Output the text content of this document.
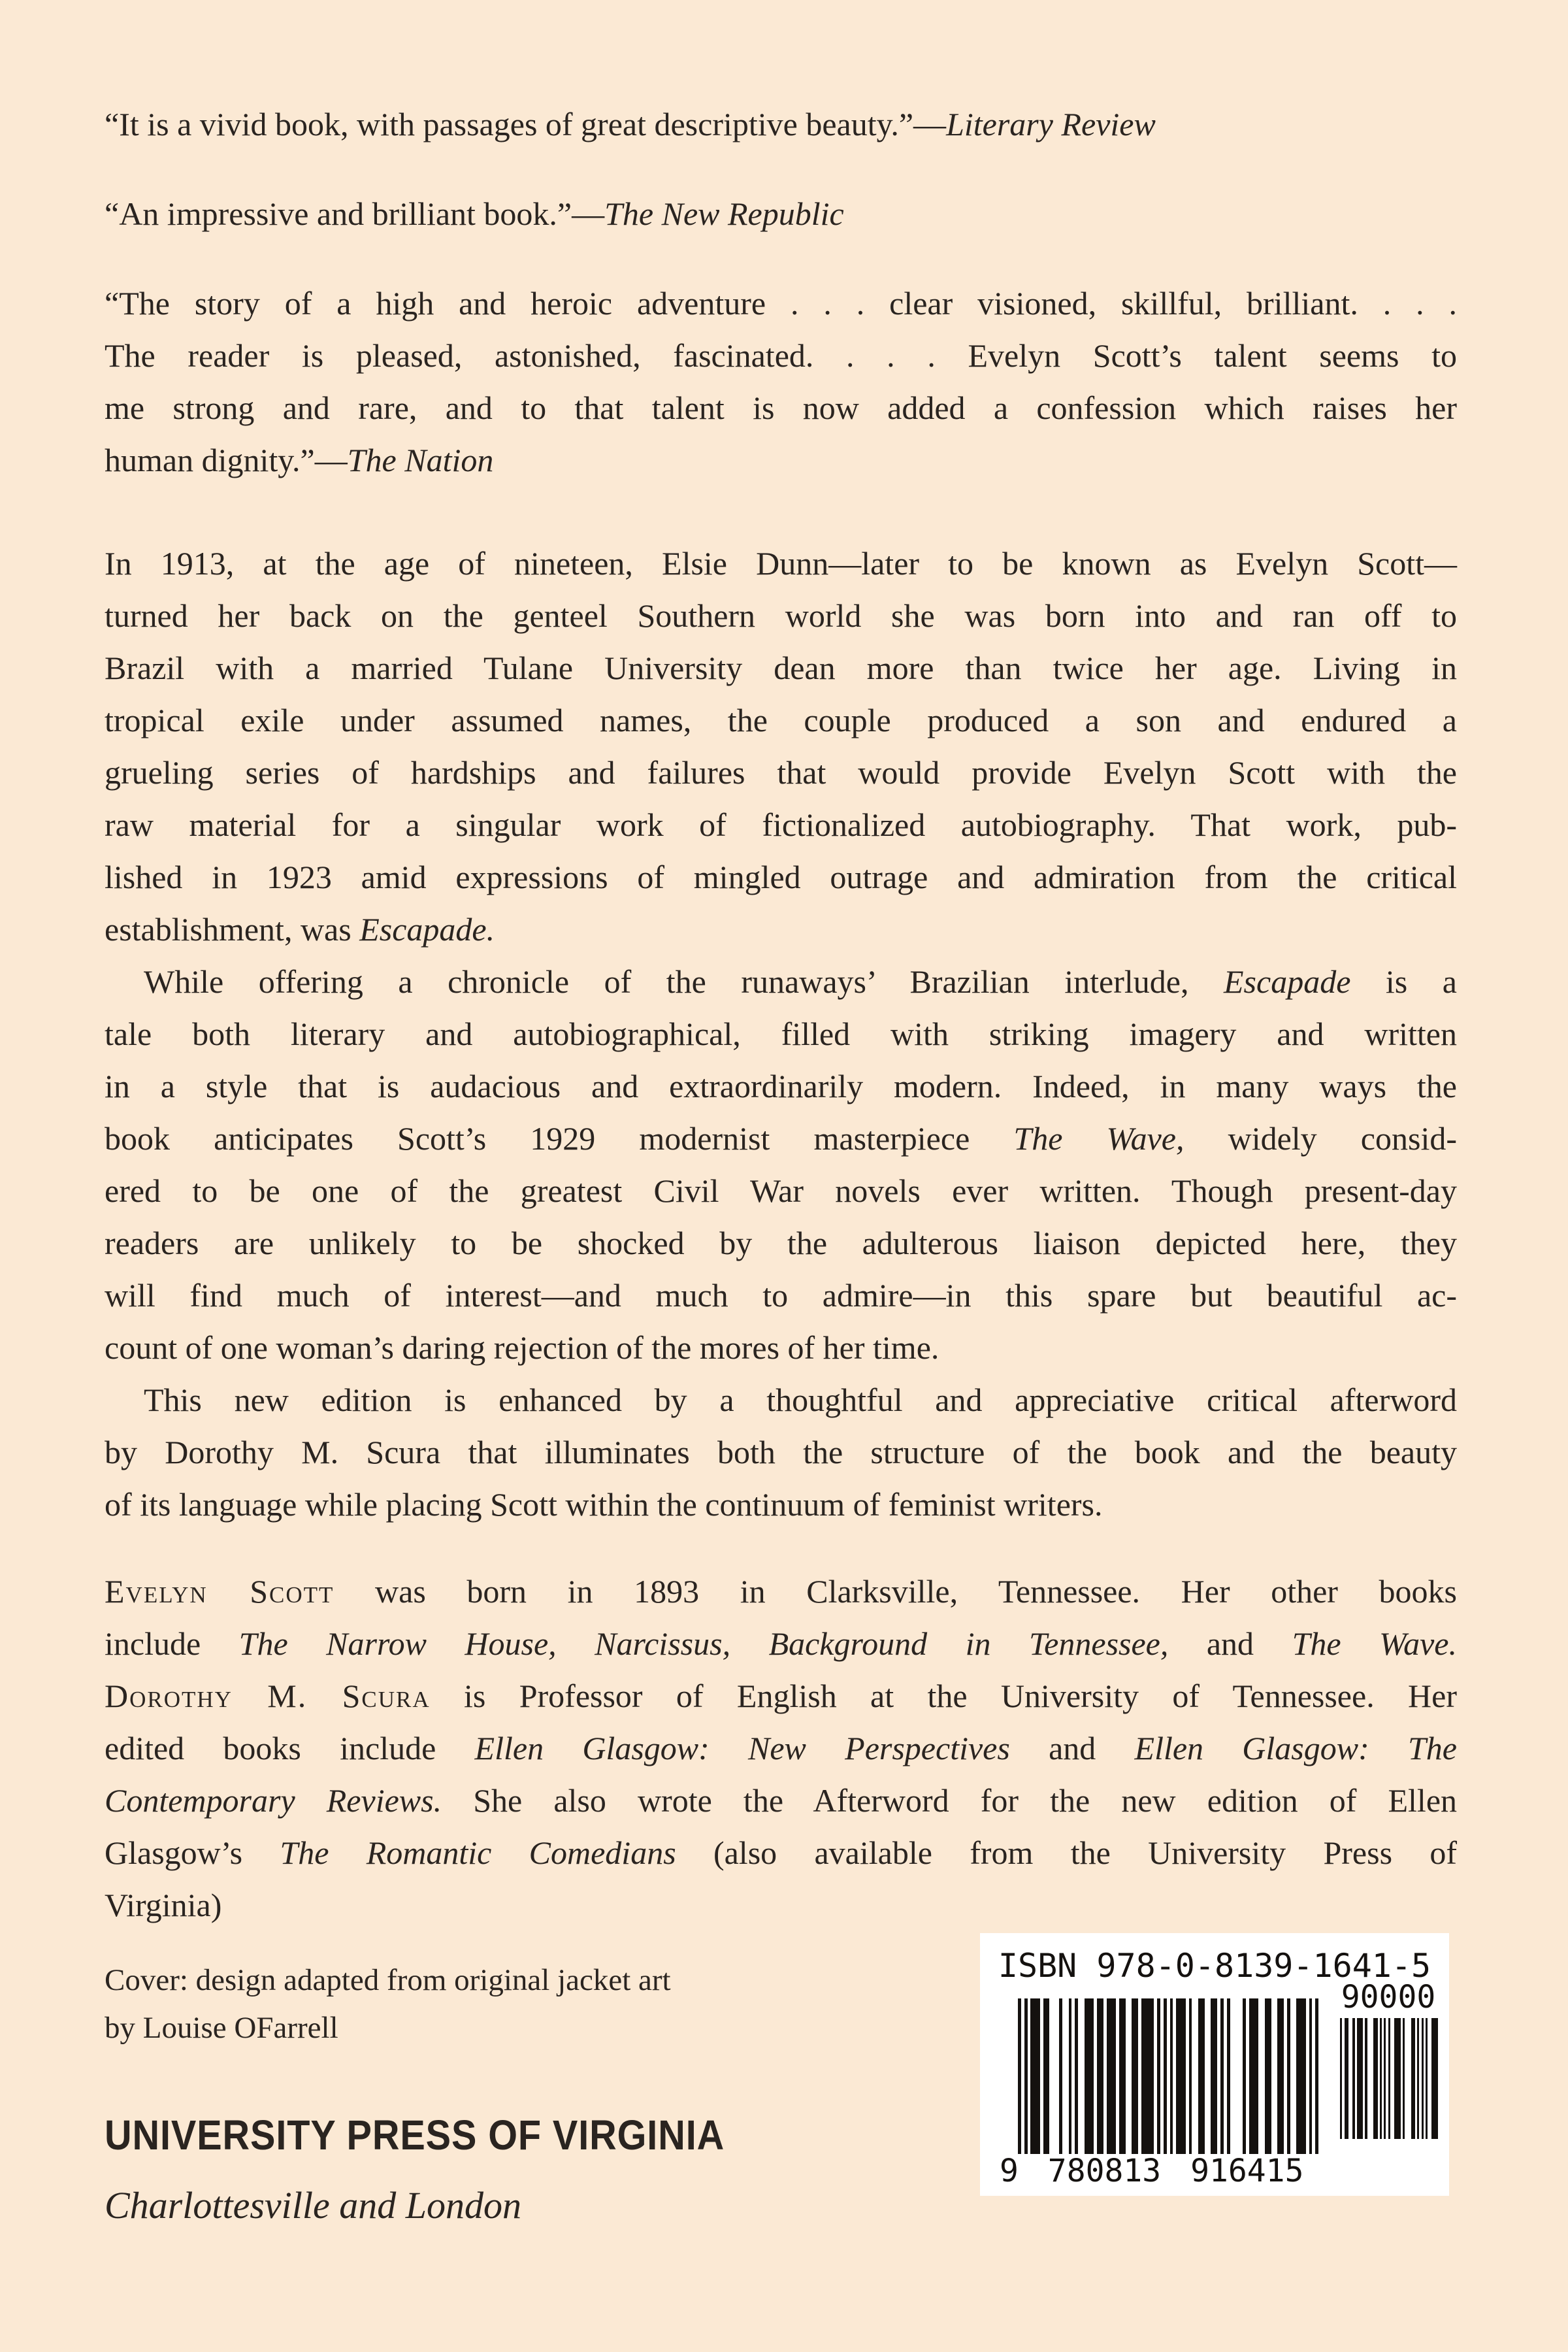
“It is a vivid book, with passages of great descriptive beauty.”—Literary Review
“An impressive and brilliant book.”—The New Republic
“The story of a high and heroic adventure . . . clear visioned, skillful, brilliant. . . .
The reader is pleased, astonished, fascinated. . . . Evelyn Scott’s talent seems to
me strong and rare, and to that talent is now added a confession which raises her
human dignity.”—The Nation
In 1913, at the age of nineteen, Elsie Dunn—later to be known as Evelyn Scott—
turned her back on the genteel Southern world she was born into and ran off to
Brazil with a married Tulane University dean more than twice her age. Living in
tropical exile under assumed names, the couple produced a son and endured a
grueling series of hardships and failures that would provide Evelyn Scott with the
raw material for a singular work of fictionalized autobiography. That work, pub-
lished in 1923 amid expressions of mingled outrage and admiration from the critical
establishment, was Escapade.
While offering a chronicle of the runaways’ Brazilian interlude, Escapade is a
tale both literary and autobiographical, filled with striking imagery and written
in a style that is audacious and extraordinarily modern. Indeed, in many ways the
book anticipates Scott’s 1929 modernist masterpiece The Wave, widely consid-
ered to be one of the greatest Civil War novels ever written. Though present-day
readers are unlikely to be shocked by the adulterous liaison depicted here, they
will find much of interest—and much to admire—in this spare but beautiful ac-
count of one woman’s daring rejection of the mores of her time.
This new edition is enhanced by a thoughtful and appreciative critical afterword
by Dorothy M. Scura that illuminates both the structure of the book and the beauty
of its language while placing Scott within the continuum of feminist writers.
Evelyn Scott was born in 1893 in Clarksville, Tennessee. Her other books
include The Narrow House, Narcissus, Background in Tennessee, and The Wave.
Dorothy M. Scura is Professor of English at the University of Tennessee. Her
edited books include Ellen Glasgow: New Perspectives and Ellen Glasgow: The
Contemporary Reviews. She also wrote the Afterword for the new edition of Ellen
Glasgow’s The Romantic Comedians (also available from the University Press of
Virginia)
Cover: design adapted from original jacket art
by Louise OFarrell
UNIVERSITY PRESS OF VIRGINIA
Charlottesville and London
ISBN 978-0-8139-1641-5
9 780813 916415
90000
